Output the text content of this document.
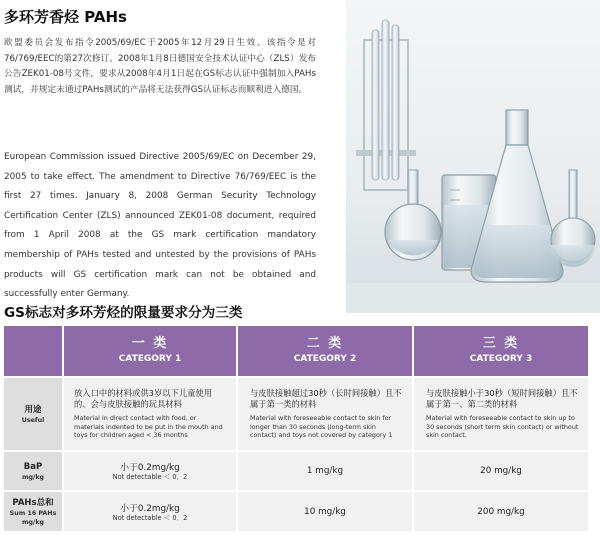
多环芳香烃 PAHs

欧盟委员会发布指令2005/69/EC于2005年12月29日生效。该指令是对76/769/EEC的第27次修订。2008年1月8日德国安全技术认证中心（ZLS）发布公告ZEK01-08号文件，要求从2008年4月1日起在GS标志认证中强制加入PAHs测试，并规定未通过PAHs测试的产品将无法获得GS认证标志而顺利进入德国。

European Commission issued Directive 2005/69/EC on December 29, 2005 to take effect. The amendment to Directive 76/769/EEC is the first 27 times. January 8, 2008 German Security Technology Certification Center (ZLS) announced ZEK01-08 document, required from 1 April 2008 at the GS mark certification mandatory membership of PAHs tested and untested by the provisions of PAHs products will GS certification mark can not be obtained and successfully enter Germany.

GS标志对多环芳烃的限量要求分为三类
一 类
CATEGORY 1
二 类
CATEGORY 2
三 类
CATEGORY 3
用途
Useful
放入口中的材料或供3岁以下儿童使用的、会与皮肤接触的玩具材料
Material in direct contact with food, or materials indented to be put in the mouth and toys for children aged < 36 months
与皮肤接触超过30秒（长时间接触）且不属于第一类的材料
Material with foreseeable contact to skin for longer than 30 seconds (long-term skin contact) and toys not covered by category 1
与皮肤接触小于30秒（短时间接触）且不属于第一、第二类的材料
Material with foreseeable contact to skin up to 30 seconds (short term skin contact) or without skin contact.
BaP
mg/kg
小于0.2mg/kg
Not detectable ＜ 0．2
1 mg/kg	20 mg/kg
PAHs总和
Sum 16 PAHs mg/kg
小于0.2mg/kg
Not detectable ＜ 0．2
10 mg/kg	200 mg/kg
